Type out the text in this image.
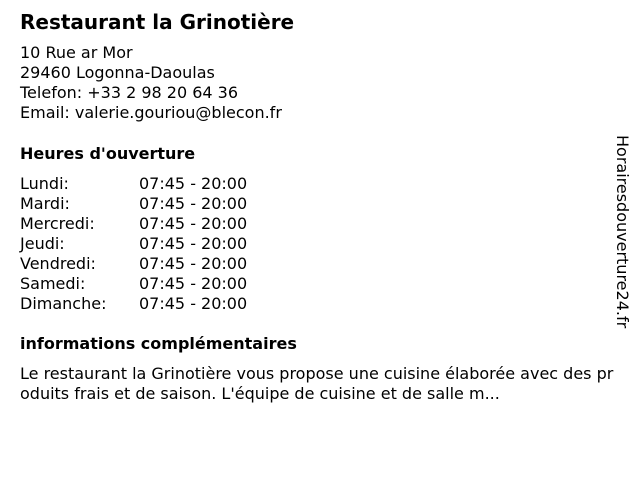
Restaurant la Grinotière
10 Rue ar Mor
29460 Logonna-Daoulas
Telefon: +33 2 98 20 64 36
Email: valerie.gouriou@blecon.fr
Heures d'ouverture
Lundi:	07:45 - 20:00
Mardi:	07:45 - 20:00
Mercredi:	07:45 - 20:00
Jeudi:	07:45 - 20:00
Vendredi:	07:45 - 20:00
Samedi:	07:45 - 20:00
Dimanche: 07:45 - 20:00
informations complémentaires
Le restaurant la Grinotière vous propose une cuisine élaborée avec des produits frais et de saison. L'équipe de cuisine et de salle m...
Horairesdouverture24.fr
